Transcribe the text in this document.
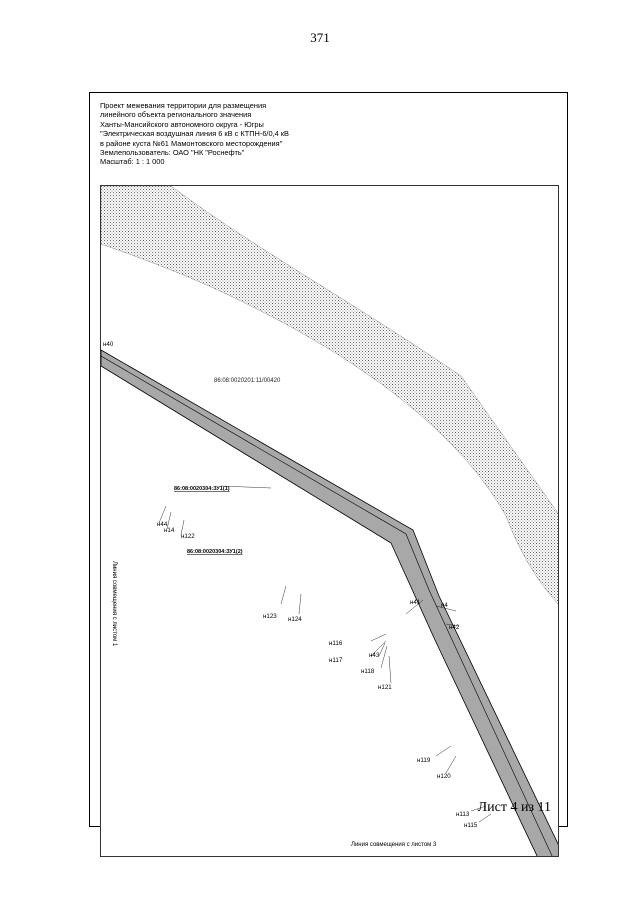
371
Проект межевания территории для размещения
линейного объекта регионального значения
Ханты-Мансийского автономного округа - Югры
"Электрическая воздушная линия 6 кВ с КТПН-6/0,4 кВ
в районе куста №61 Мамонтовского месторождения"
Землепользователь: ОАО "НК "Роснефть"
Масштаб: 1 : 1 000
86:08:0020201:11/00420
86:08:0020304:ЗУ1(1)
86:08:0020304:ЗУ1(2)
Линия совмещения с листом 1
Линия совмещения с листом 3
н40
н44
н14
н122
н123 н124
н41	н4
н42
н116
н117
н43
н118
н121
н119
н120
н113
н115
Лист 4 из 11
